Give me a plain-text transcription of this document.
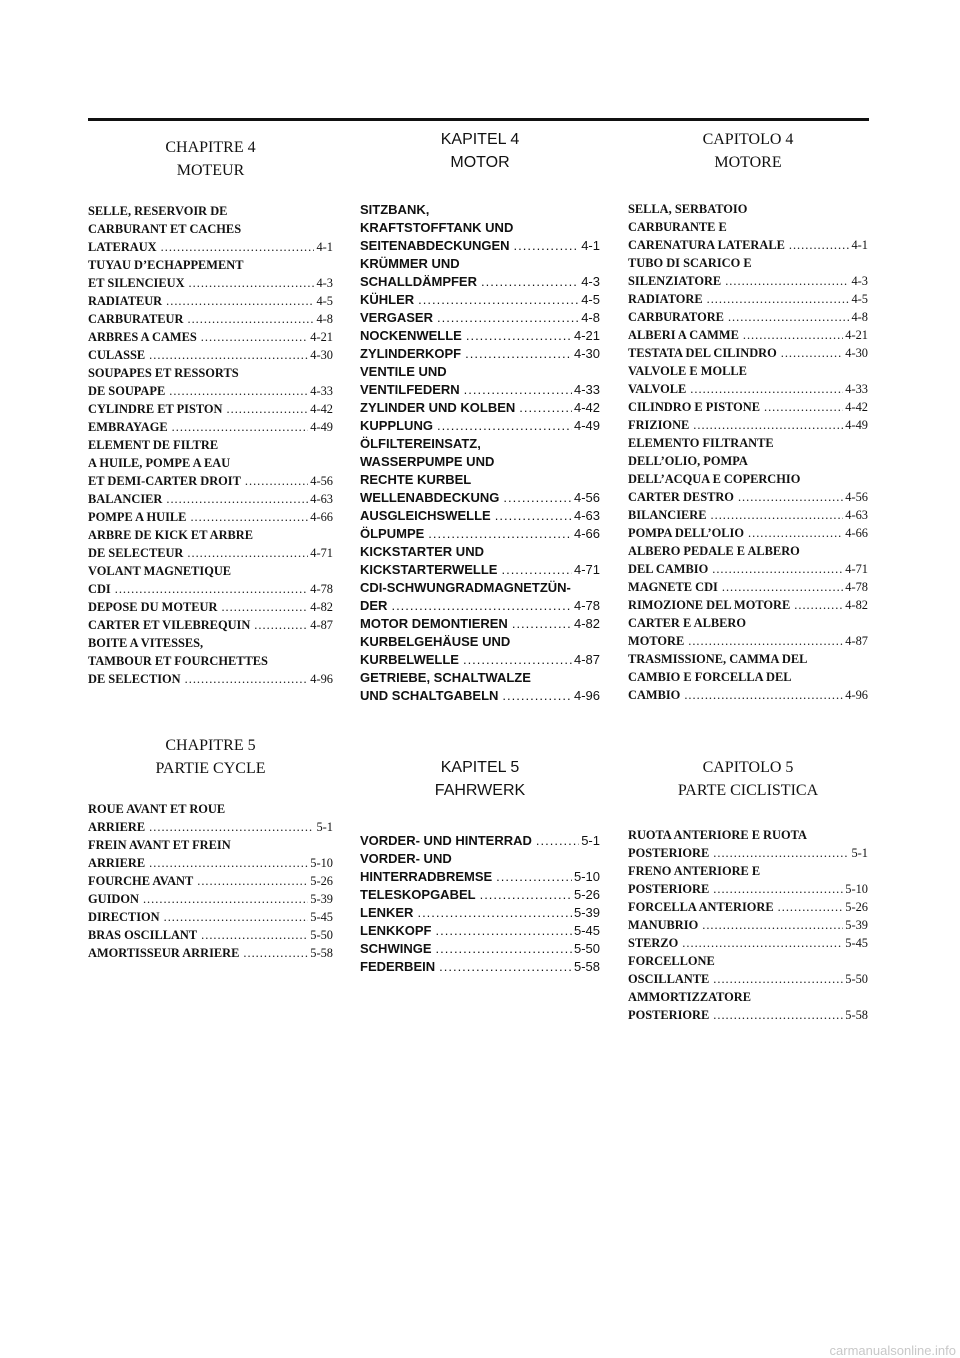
CHAPITRE 4
MOTEUR
SELLE, RESERVOIR DE
CARBURANT ET CACHES
LATERAUX .....	4-1
TUYAU D’ECHAPPEMENT
ET SILENCIEUX .....	4-3
RADIATEUR .....	4-5
CARBURATEUR .....	4-8
ARBRES A CAMES .....	4-21
CULASSE .....	4-30
SOUPAPES ET RESSORTS
DE SOUPAPE .....	4-33
CYLINDRE ET PISTON .....	4-42
EMBRAYAGE .....	4-49
ELEMENT DE FILTRE
A HUILE, POMPE A EAU
ET DEMI-CARTER DROIT .....	4-56
BALANCIER .....	4-63
POMPE A HUILE .....	4-66
ARBRE DE KICK ET ARBRE
DE SELECTEUR .....	4-71
VOLANT MAGNETIQUE
CDI .....	4-78
DEPOSE DU MOTEUR .....	4-82
CARTER ET VILEBREQUIN .....	4-87
BOITE A VITESSES,
TAMBOUR ET FOURCHETTES
DE SELECTION .....	4-96
CHAPITRE 5
PARTIE CYCLE
ROUE AVANT ET ROUE
ARRIERE .....	5-1
FREIN AVANT ET FREIN
ARRIERE .....	5-10
FOURCHE AVANT .....	5-26
GUIDON .....	5-39
DIRECTION .....	5-45
BRAS OSCILLANT .....	5-50
AMORTISSEUR ARRIERE .....	5-58
KAPITEL 4
MOTOR
SITZBANK,
KRAFTSTOFFTANK UND
SEITENABDECKUNGEN .....	4-1
KRÜMMER UND
SCHALLDÄMPFER .....	4-3
KÜHLER .....	4-5
VERGASER .....	4-8
NOCKENWELLE .....	4-21
ZYLINDERKOPF .....	4-30
VENTILE UND
VENTILFEDERN .....	4-33
ZYLINDER UND KOLBEN .....	4-42
KUPPLUNG .....	4-49
ÖLFILTEREINSATZ,
WASSERPUMPE UND
RECHTE KURBEL
WELLENABDECKUNG .....	4-56
AUSGLEICHSWELLE .....	4-63
ÖLPUMPE .....	4-66
KICKSTARTER UND
KICKSTARTERWELLE .....	4-71
CDI-SCHWUNGRADMAGNETZÜN-
DER .....	4-78
MOTOR DEMONTIEREN .....	4-82
KURBELGEHÄUSE UND
KURBELWELLE .....	4-87
GETRIEBE, SCHALTWALZE
UND SCHALTGABELN .....	4-96
KAPITEL 5
FAHRWERK
VORDER- UND HINTERRAD .....	5-1
VORDER- UND
HINTERRADBREMSE .....	5-10
TELESKOPGABEL .....	5-26
LENKER .....	5-39
LENKKOPF .....	5-45
SCHWINGE .....	5-50
FEDERBEIN .....	5-58
CAPITOLO 4
MOTORE
SELLA, SERBATOIO
CARBURANTE E
CARENATURA LATERALE .....	4-1
TUBO DI SCARICO E
SILENZIATORE .....	4-3
RADIATORE .....	4-5
CARBURATORE .....	4-8
ALBERI A CAMME .....	4-21
TESTATA DEL CILINDRO .....	4-30
VALVOLE E MOLLE
VALVOLE .....	4-33
CILINDRO E PISTONE .....	4-42
FRIZIONE .....	4-49
ELEMENTO FILTRANTE
DELL’OLIO, POMPA
DELL’ACQUA E COPERCHIO
CARTER DESTRO .....	4-56
BILANCIERE .....	4-63
POMPA DELL’OLIO .....	4-66
ALBERO PEDALE E ALBERO
DEL CAMBIO .....	4-71
MAGNETE CDI .....	4-78
RIMOZIONE DEL MOTORE .....	4-82
CARTER E ALBERO
MOTORE .....	4-87
TRASMISSIONE, CAMMA DEL
CAMBIO E FORCELLA DEL
CAMBIO .....	4-96
CAPITOLO 5
PARTE CICLISTICA
RUOTA ANTERIORE E RUOTA
POSTERIORE .....	5-1
FRENO ANTERIORE E
POSTERIORE .....	5-10
FORCELLA ANTERIORE .....	5-26
MANUBRIO .....	5-39
STERZO .....	5-45
FORCELLONE
OSCILLANTE .....	5-50
AMMORTIZZATORE
POSTERIORE .....	5-58
carmanualsonline.info
